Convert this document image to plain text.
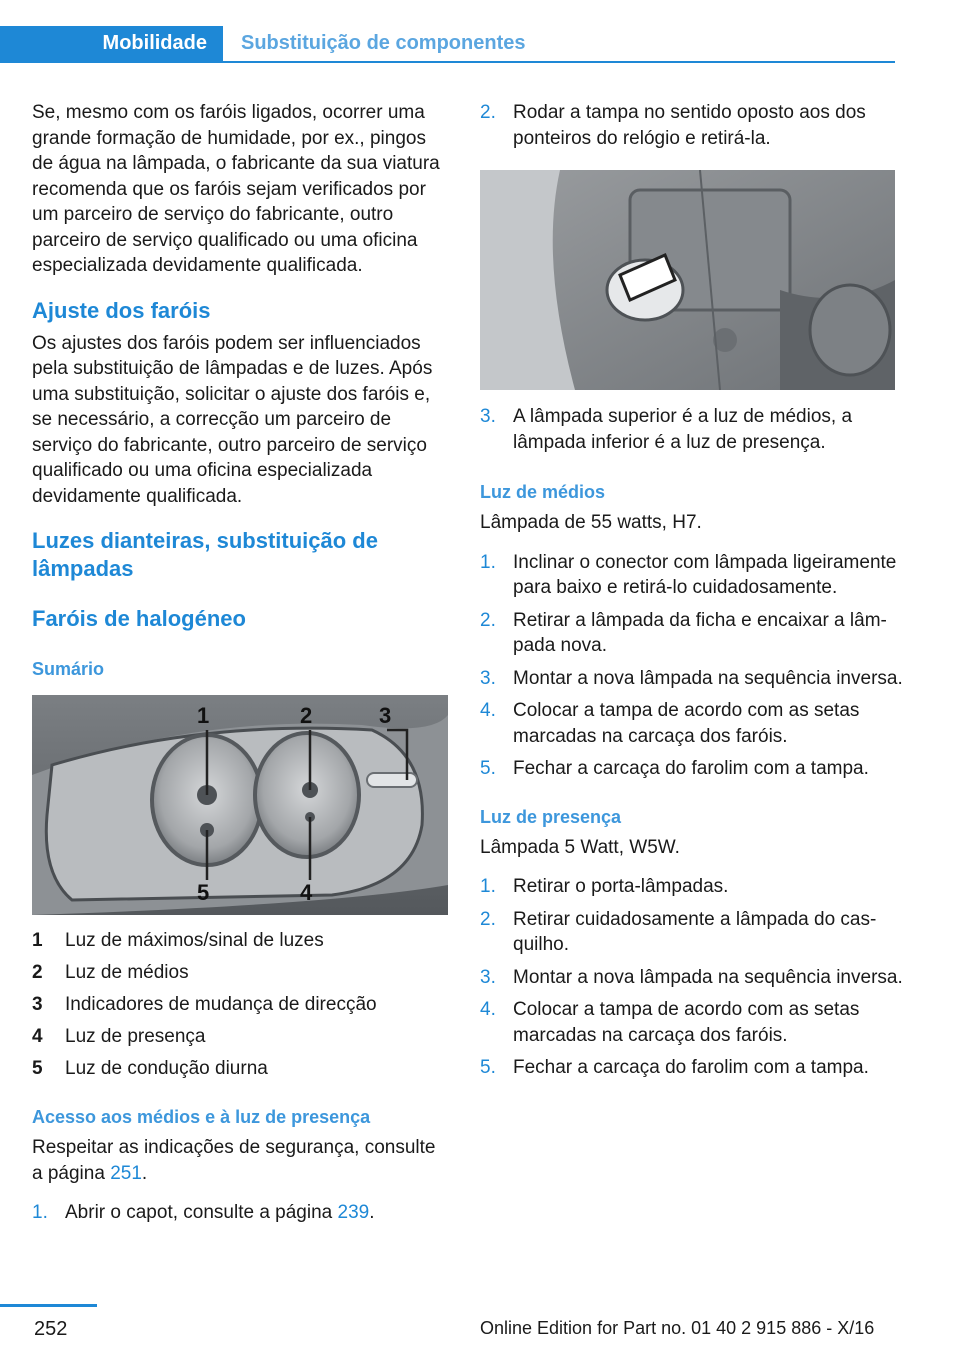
Mobilidade Substituição de componentes

Se, mesmo com os faróis ligados, ocorrer uma grande formação de humidade, por ex., pingos de água na lâmpada, o fabricante da sua viatura recomenda que os faróis sejam verificados por um parceiro de serviço do fabricante, outro parceiro de serviço qualificado ou uma oficina especializada devidamente qualificada.

Ajuste dos faróis

Os ajustes dos faróis podem ser influenciados pela substituição de lâmpadas e de luzes. Após uma substituição, solicitar o ajuste dos faróis e, se necessário, a correcção um parceiro de serviço do fabricante, outro parceiro de serviço qualificado ou uma oficina especializada devidamente qualificada.

Luzes dianteiras, substituição de lâmpadas
Faróis de halogéneo
Sumário
1	2	3
4
5
1 Luz de máximos/sinal de luzes
2 Luz de médios
3 Indicadores de mudança de direcção
4 Luz de presença
5 Luz de condução diurna
Acesso aos médios e à luz de presença

Respeitar as indicações de segurança, consulte a página 251.

1. Abrir o capot, consulte a página 239.
2. Rodar a tampa no sentido oposto aos dos ponteiros do relógio e retirá-la.
3. A lâmpada superior é a luz de médios, a lâmpada inferior é a luz de presença.
Luz de médios

Lâmpada de 55 watts, H7.

1. Inclinar o conector com lâmpada ligeiramente para baixo e retirá-lo cuidadosamente.
2. Retirar a lâmpada da ficha e encaixar a lâmpada nova.
3. Montar a nova lâmpada na sequência inversa.
4. Colocar a tampa de acordo com as setas marcadas na carcaça dos faróis.
5. Fechar a carcaça do farolim com a tampa.
Luz de presença

Lâmpada 5 Watt, W5W.

1. Retirar o porta-lâmpadas.
2. Retirar cuidadosamente a lâmpada do casquilho.
3. Montar a nova lâmpada na sequência inversa.
4. Colocar a tampa de acordo com as setas marcadas na carcaça dos faróis.
5. Fechar a carcaça do farolim com a tampa.
252	Online Edition for Part no. 01 40 2 915 886 - X/16
